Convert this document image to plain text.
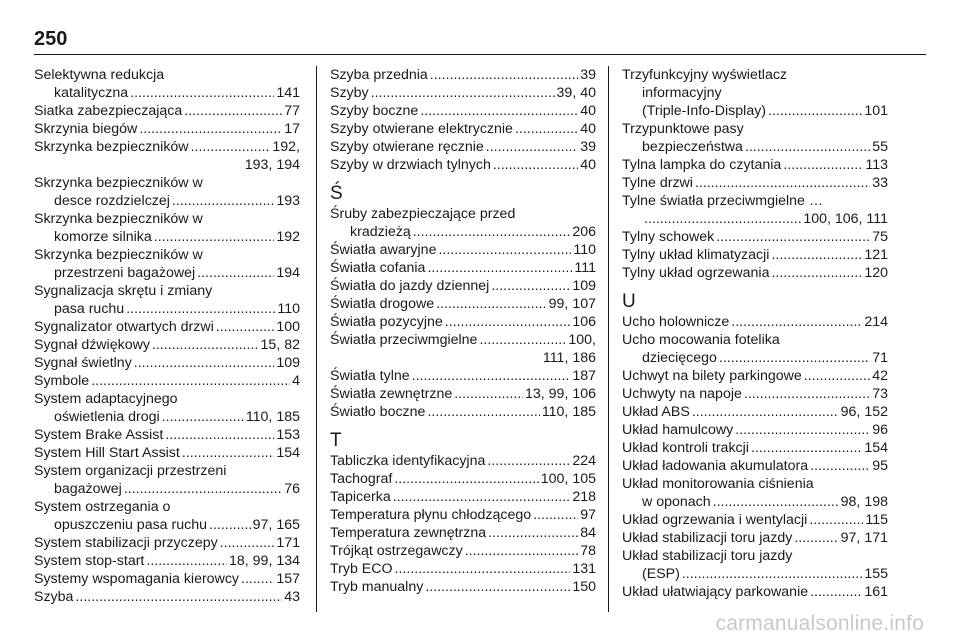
250
Selektywna redukcja
katalityczna .....	141
Siatka zabezpieczająca .....	77
Skrzynia biegów .....	17
Skrzynka bezpieczników .....	192,
193, 194
Skrzynka bezpieczników w
desce rozdzielczej .....	193
Skrzynka bezpieczników w
komorze silnika .....	192
Skrzynka bezpieczników w
przestrzeni bagażowej .....	194
Sygnalizacja skrętu i zmiany
pasa ruchu .....	110
Sygnalizator otwartych drzwi .....	100
Sygnał dźwiękowy .....	15, 82
Sygnał świetlny .....	109
Symbole .....	4
System adaptacyjnego
oświetlenia drogi .....	110, 185
System Brake Assist .....	153
System Hill Start Assist .....	154
System organizacji przestrzeni
bagażowej .....	76
System ostrzegania o
opuszczeniu pasa ruchu .....	97, 165
System stabilizacji przyczepy .....	171
System stop-start .....	18, 99, 134
Systemy wspomagania kierowcy .....	157
Szyba .....	43
Szyba przednia .....	39
Szyby .....	39, 40
Szyby boczne .....	40
Szyby otwierane elektrycznie .....	40
Szyby otwierane ręcznie .....	39
Szyby w drzwiach tylnych .....	40
Ś
Śruby zabezpieczające przed
kradzieżą .....	206
Światła awaryjne .....	110
Światła cofania .....	111
Światła do jazdy dziennej .....	109
Światła drogowe .....	99, 107
Światła pozycyjne .....	106
Światła przeciwmgielne .....	100,
111, 186
Światła tylne .....	187
Światła zewnętrzne .....	13, 99, 106
Światło boczne .....	110, 185
T
Tabliczka identyfikacyjna .....	224
Tachograf .....	100, 105
Tapicerka .....	218
Temperatura płynu chłodzącego .....	97
Temperatura zewnętrzna .....	84
Trójkąt ostrzegawczy .....	78
Tryb ECO .....	131
Tryb manualny .....	150
Trzyfunkcyjny wyświetlacz
informacyjny
(Triple-Info-Display) .....	101
Trzypunktowe pasy
bezpieczeństwa .....	55
Tylna lampka do czytania .....	113
Tylne drzwi .....	33
Tylne światła przeciwmgielne …
.....
100, 106, 111
Tylny schowek .....	75
Tylny układ klimatyzacji .....	121
Tylny układ ogrzewania .....	120
U
Ucho holownicze .....	214
Ucho mocowania fotelika
dziecięcego .....	71
Uchwyt na bilety parkingowe .....	42
Uchwyty na napoje .....	73
Układ ABS .....	96, 152
Układ hamulcowy .....	96
Układ kontroli trakcji .....	154
Układ ładowania akumulatora .....	95
Układ monitorowania ciśnienia
w oponach .....	98, 198
Układ ogrzewania i wentylacji .....	115
Układ stabilizacji toru jazdy .....	97, 171
Układ stabilizacji toru jazdy
(ESP) .....	155
Układ ułatwiający parkowanie .....	161
carmanualsonline.info
